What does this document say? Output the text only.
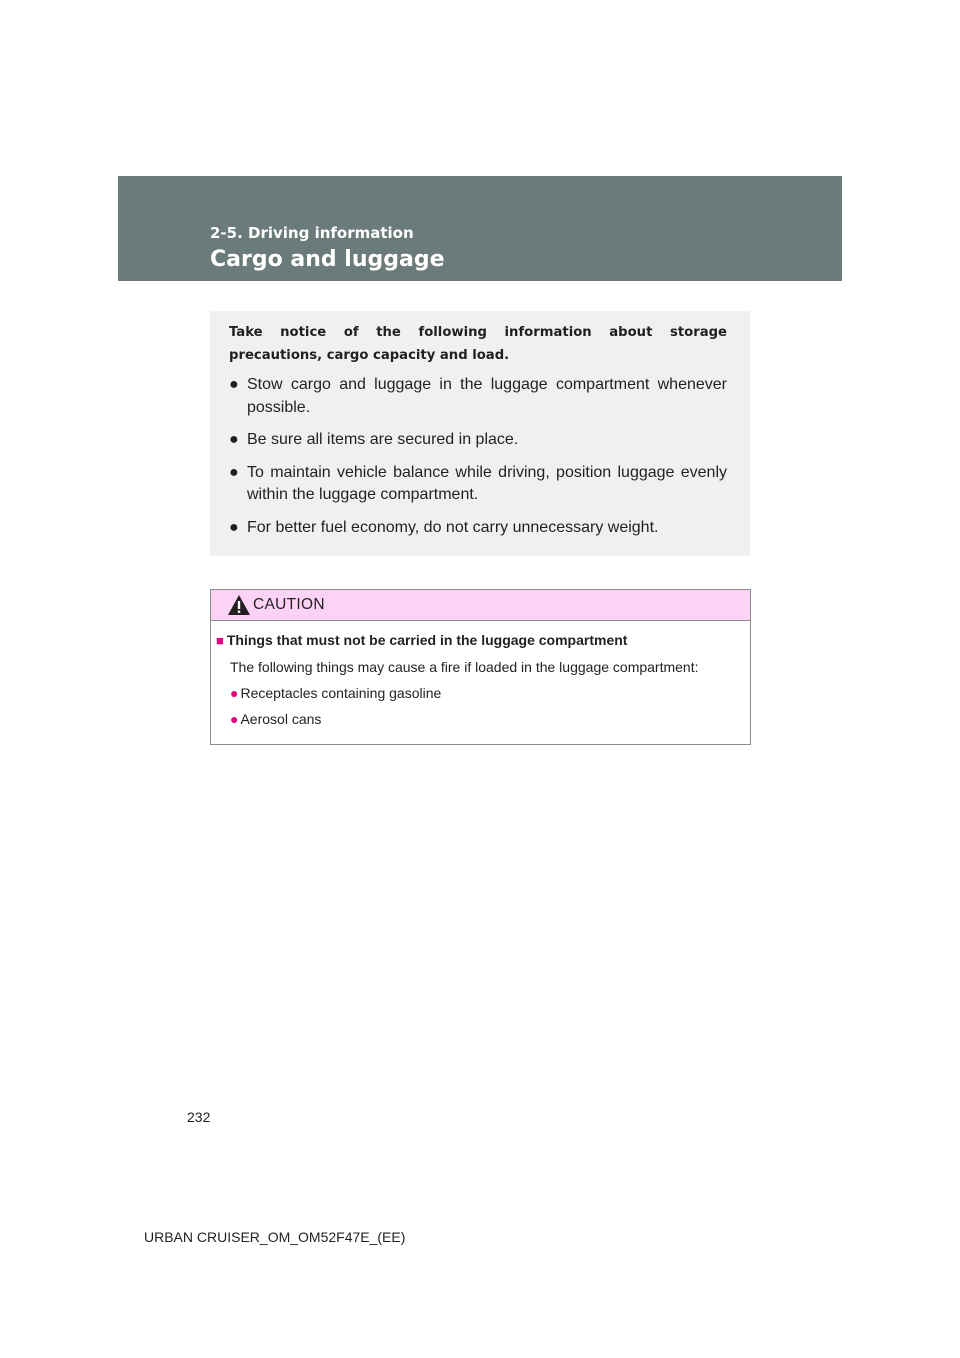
2-5. Driving information
Cargo and luggage

Take notice of the following information about storage precautions, cargo capacity and load.

● Stow cargo and luggage in the luggage compartment whenever possible.
● Be sure all items are secured in place.
● To maintain vehicle balance while driving, position luggage evenly within the luggage compartment.
● For better fuel economy, do not carry unnecessary weight.
CAUTION
■ Things that must not be carried in the luggage compartment
The following things may cause a fire if loaded in the luggage compartment:
● Receptacles containing gasoline
● Aerosol cans
232
URBAN CRUISER_OM_OM52F47E_(EE)
